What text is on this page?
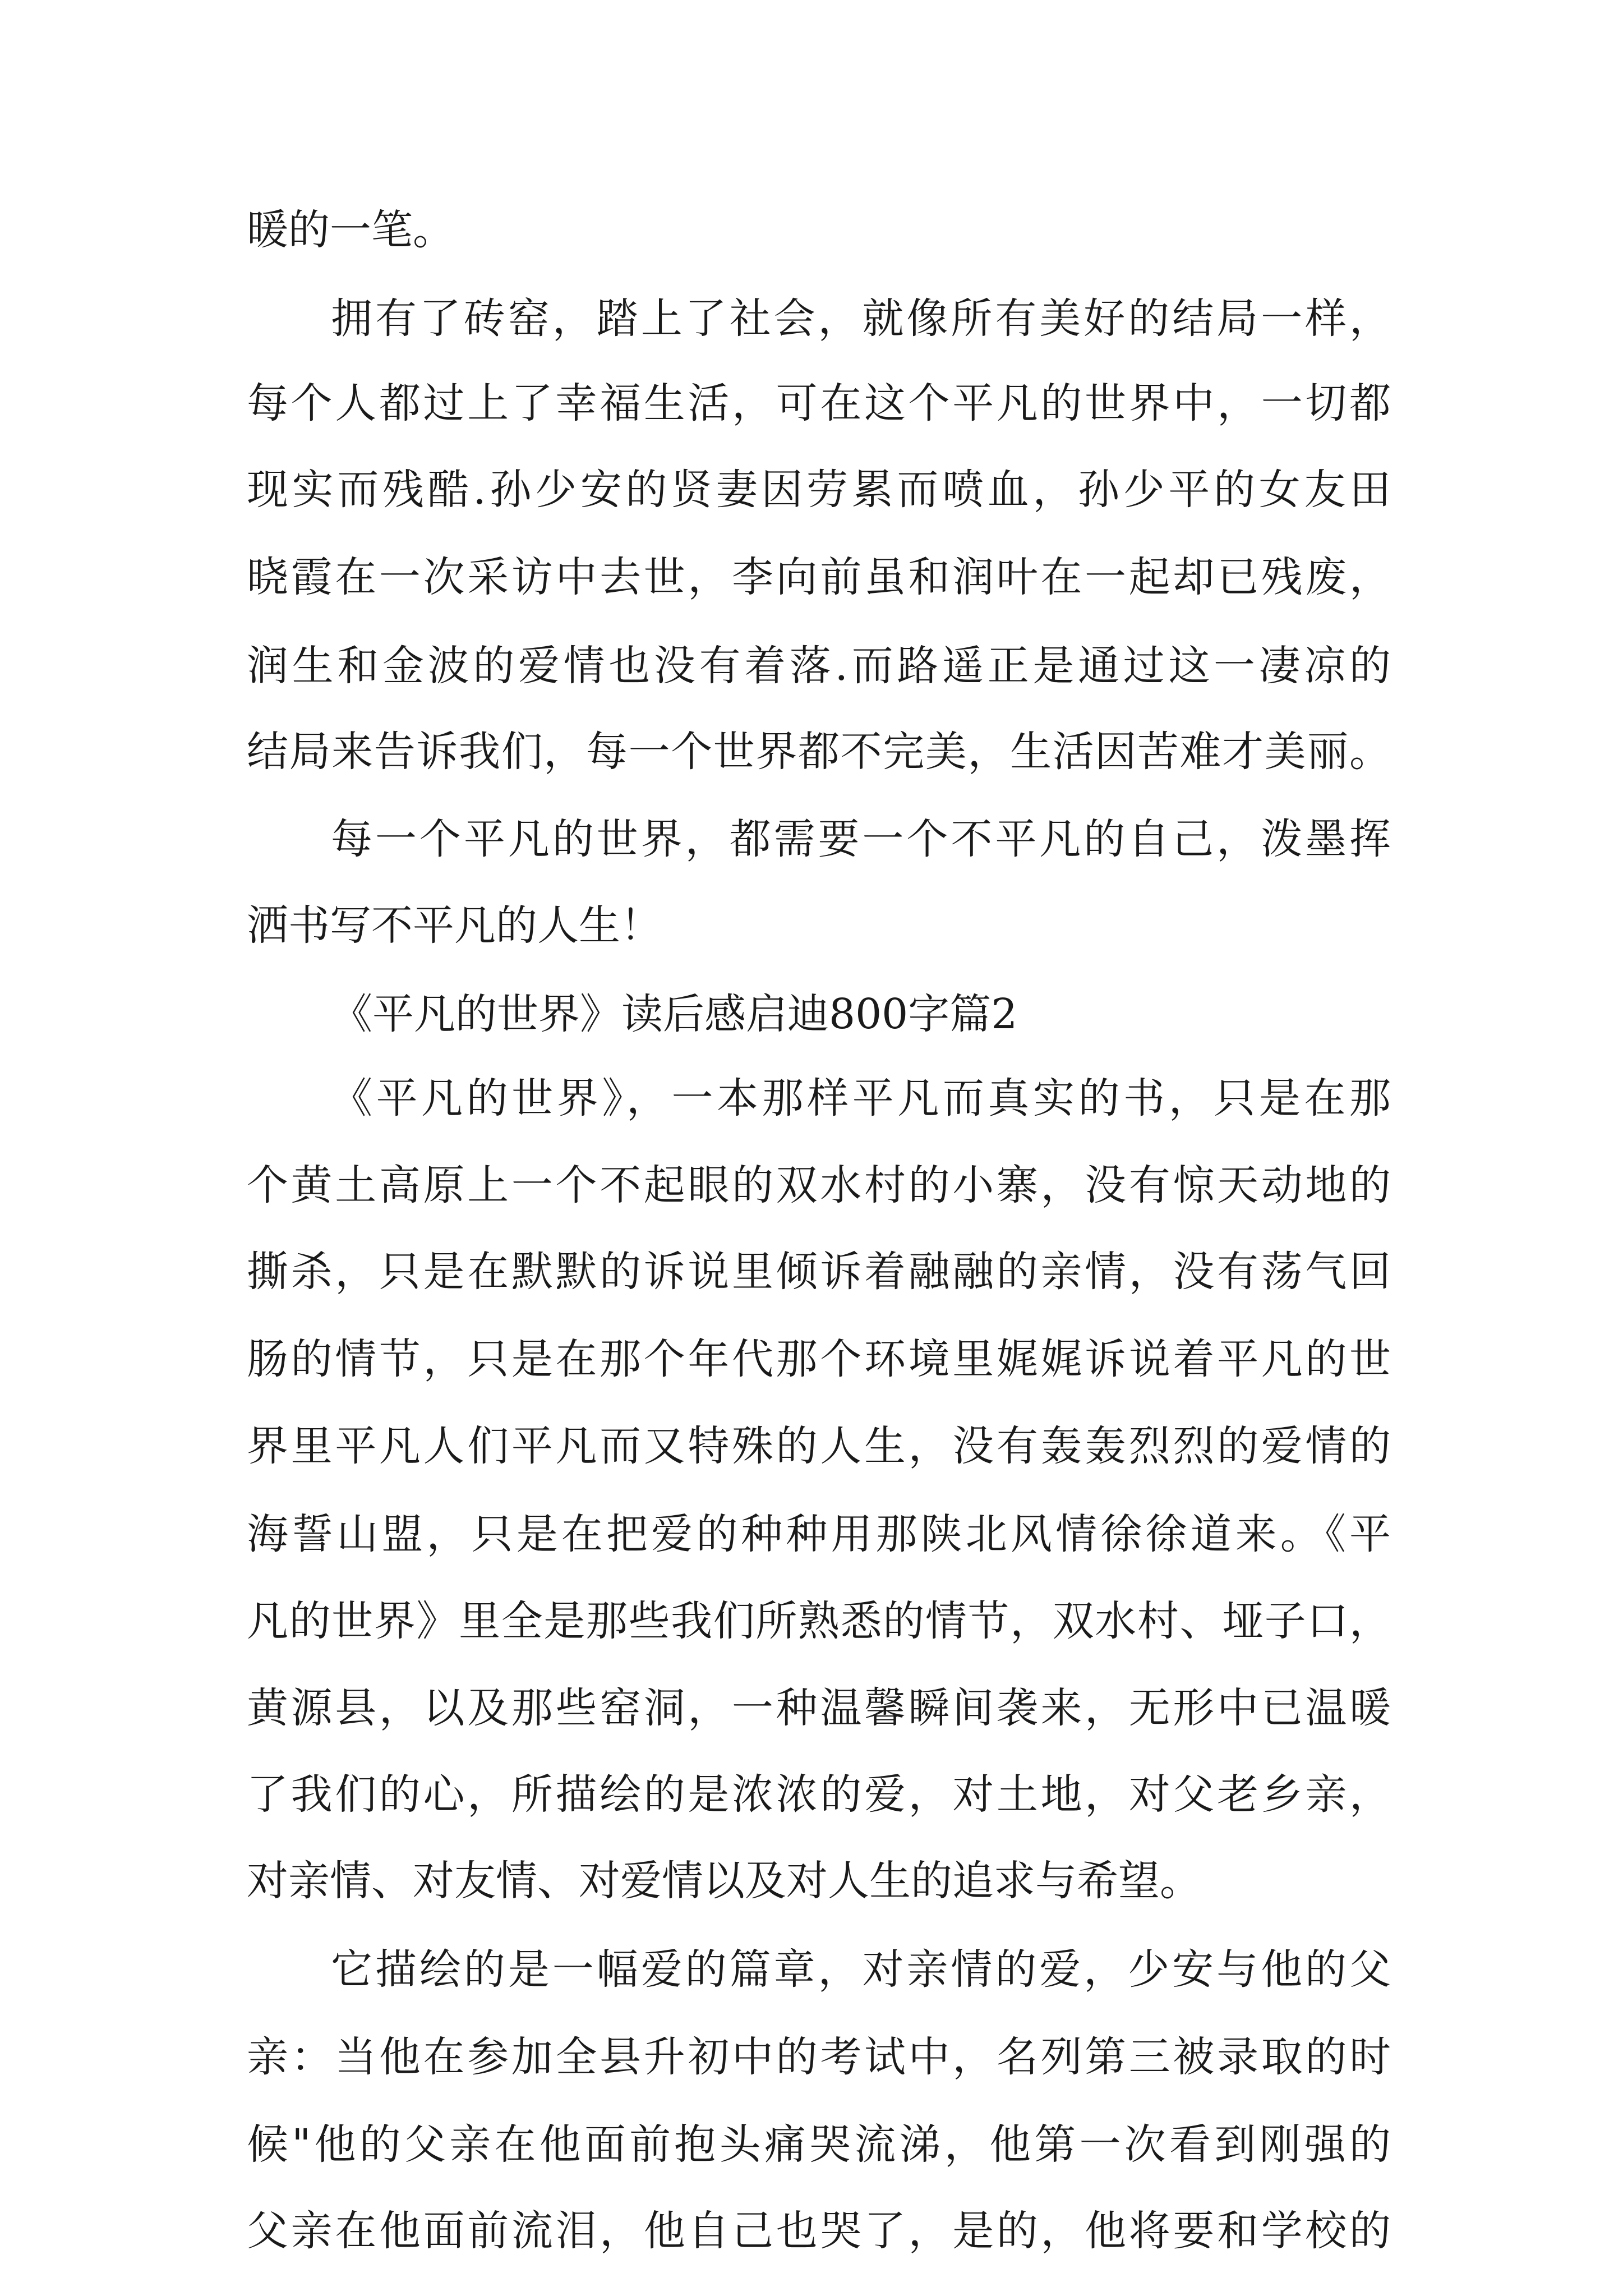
暖的一笔。
拥有了砖窑，踏上了社会，就像所有美好的结局一样，
每个人都过上了幸福生活，可在这个平凡的世界中，一切都
现实而残酷.孙少安的贤妻因劳累而喷血，孙少平的女友田
晓霞在一次采访中去世，李向前虽和润叶在一起却已残废，
润生和金波的爱情也没有着落.而路遥正是通过这一凄凉的
结局来告诉我们，每一个世界都不完美，生活因苦难才美丽。
每一个平凡的世界，都需要一个不平凡的自己，泼墨挥
洒书写不平凡的人生！
《平凡的世界》读后感启迪800字篇2
《平凡的世界》，一本那样平凡而真实的书，只是在那
个黄土高原上一个不起眼的双水村的小寨，没有惊天动地的
撕杀，只是在默默的诉说里倾诉着融融的亲情，没有荡气回
肠的情节，只是在那个年代那个环境里娓娓诉说着平凡的世
界里平凡人们平凡而又特殊的人生，没有轰轰烈烈的爱情的
海誓山盟，只是在把爱的种种用那陕北风情徐徐道来。《平
凡的世界》里全是那些我们所熟悉的情节，双水村、垭子口，
黄源县，以及那些窑洞，一种温馨瞬间袭来，无形中已温暖
了我们的心，所描绘的是浓浓的爱，对土地，对父老乡亲，
对亲情、对友情、对爱情以及对人生的追求与希望。
它描绘的是一幅爱的篇章，对亲情的爱，少安与他的父
亲：当他在参加全县升初中的考试中，名列第三被录取的时
候"他的父亲在他面前抱头痛哭流涕，他第一次看到刚强的
父亲在他面前流泪，他自己也哭了，是的，他将要和学校的
